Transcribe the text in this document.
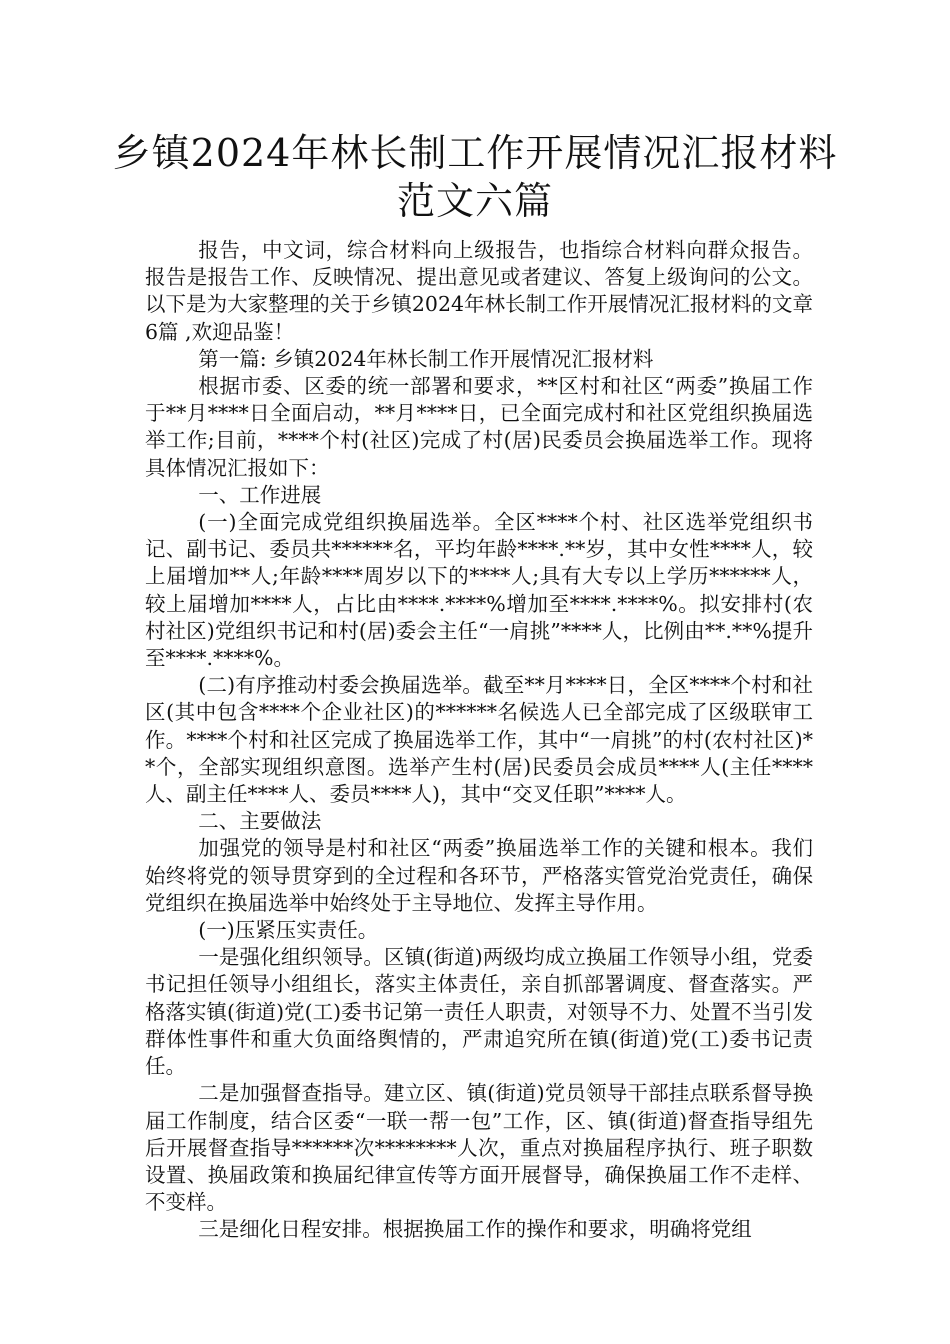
乡镇2024年林长制工作开展情况汇报材料
范文六篇

报告，中文词，综合材料向上级报告，也指综合材料向群众报告。报告是报告工作、反映情况、提出意见或者建议、答复上级询问的公文。 以下是为大家整理的关于乡镇2024年林长制工作开展情况汇报材料的文章6篇 ,欢迎品鉴！

第一篇: 乡镇2024年林长制工作开展情况汇报材料

根据市委、区委的统一部署和要求，**区村和社区“两委”换届工作于**月****日全面启动，**月****日，已全面完成村和社区党组织换届选举工作;目前，****个村(社区)完成了村(居)民委员会换届选举工作。现将具体情况汇报如下：

一、工作进展

(一)全面完成党组织换届选举。全区****个村、社区选举党组织书记、副书记、委员共******名，平均年龄****.**岁，其中女性****人，较上届增加**人;年龄****周岁以下的****人;具有大专以上学历******人，较上届增加****人，占比由****.****%增加至****.****%。拟安排村(农村社区)党组织书记和村(居)委会主任“一肩挑”****人，比例由**.**%提升至****.****%。

(二)有序推动村委会换届选举。截至**月****日，全区****个村和社区(其中包含****个企业社区)的******名候选人已全部完成了区级联审工作。****个村和社区完成了换届选举工作，其中“一肩挑”的村(农村社区)**个，全部实现组织意图。选举产生村(居)民委员会成员****人(主任****人、副主任****人、委员****人)，其中“交叉任职”****人。

二、主要做法

加强党的领导是村和社区“两委”换届选举工作的关键和根本。我们始终将党的领导贯穿到的全过程和各环节，严格落实管党治党责任，确保党组织在换届选举中始终处于主导地位、发挥主导作用。

(一)压紧压实责任。

一是强化组织领导。区镇(街道)两级均成立换届工作领导小组，党委书记担任领导小组组长，落实主体责任，亲自抓部署调度、督查落实。严格落实镇(街道)党(工)委书记第一责任人职责，对领导不力、处置不当引发群体性事件和重大负面络舆情的，严肃追究所在镇(街道)党(工)委书记责任。

二是加强督查指导。建立区、镇(街道)党员领导干部挂点联系督导换届工作制度，结合区委“一联一帮一包”工作，区、镇(街道)督查指导组先后开展督查指导******次********人次，重点对换届程序执行、班子职数设置、换届政策和换届纪律宣传等方面开展督导，确保换届工作不走样、不变样。

三是细化日程安排。根据换届工作的操作和要求，明确将党组
